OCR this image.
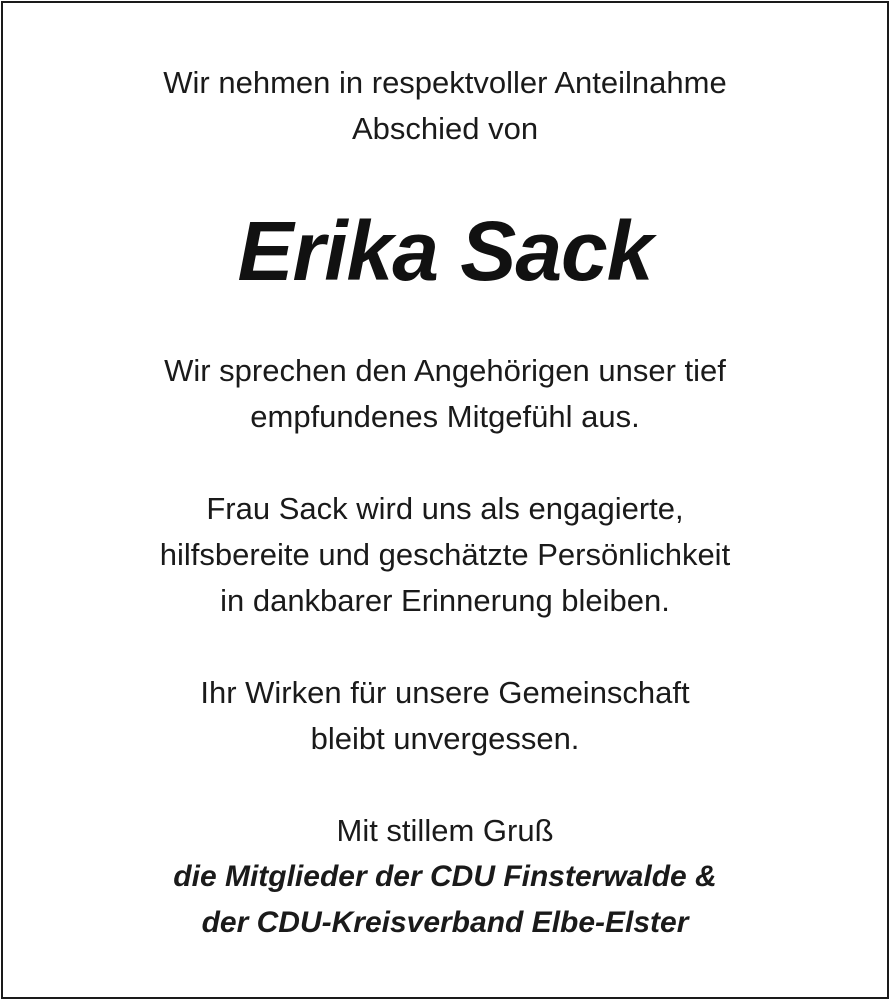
Wir nehmen in respektvoller Anteilnahme
Abschied von
Erika Sack
Wir sprechen den Angehörigen unser tief
empfundenes Mitgefühl aus.
Frau Sack wird uns als engagierte,
hilfsbereite und geschätzte Persönlichkeit
in dankbarer Erinnerung bleiben.
Ihr Wirken für unsere Gemeinschaft
bleibt unvergessen.
Mit stillem Gruß
die Mitglieder der CDU Finsterwalde &
der CDU-Kreisverband Elbe-Elster
